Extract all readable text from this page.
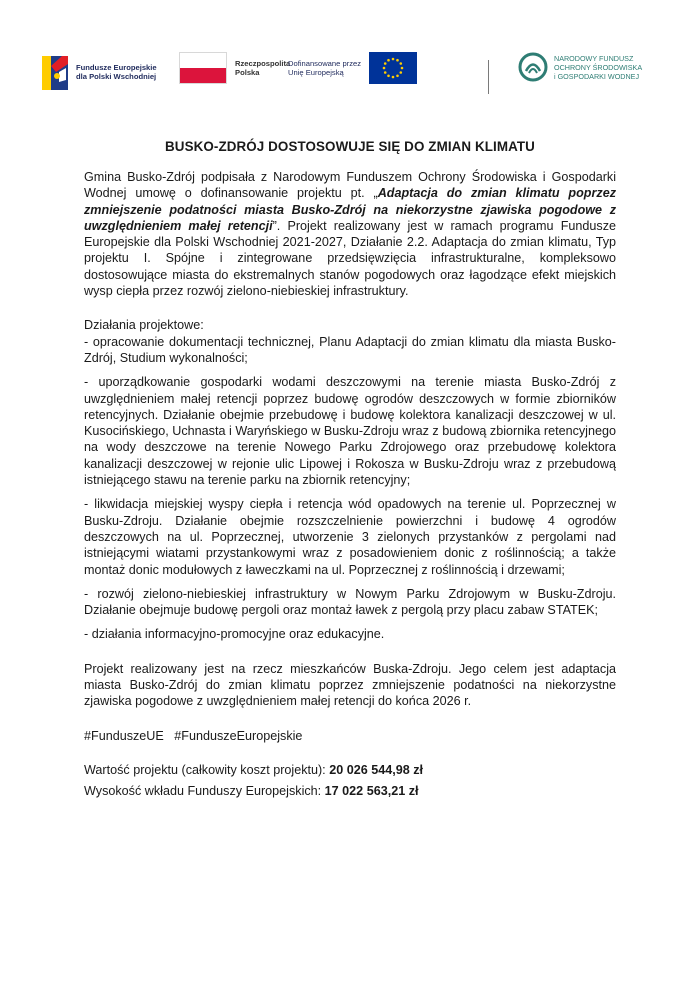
Fundusze Europejskie
dla Polski Wschodniej
Rzeczpospolita
Polska
Dofinansowane przez
Unię Europejską
NARODOWY FUNDUSZ
OCHRONY ŚRODOWISKA
i GOSPODARKI WODNEJ
BUSKO-ZDRÓJ DOSTOSOWUJE SIĘ DO ZMIAN KLIMATU

Gmina Busko-Zdrój podpisała z Narodowym Funduszem Ochrony Środowiska i Gospodarki Wodnej umowę o dofinansowanie projektu pt. „Adaptacja do zmian klimatu poprzez zmniejszenie podatności miasta Busko-Zdrój na niekorzystne zjawiska pogodowe z uwzględnieniem małej retencji”. Projekt realizowany jest w ramach programu Fundusze Europejskie dla Polski Wschodniej 2021-2027, Działanie 2.2. Adaptacja do zmian klimatu, Typ projektu I. Spójne i zintegrowane przedsięwzięcia infrastrukturalne, kompleksowo dostosowujące miasta do ekstremalnych stanów pogodowych oraz łagodzące efekt miejskich wysp ciepła przez rozwój zielono-niebieskiej infrastruktury.

Działania projektowe:

- opracowanie dokumentacji technicznej, Planu Adaptacji do zmian klimatu dla miasta Busko-Zdrój, Studium wykonalności;

- uporządkowanie gospodarki wodami deszczowymi na terenie miasta Busko-Zdrój z uwzględnieniem małej retencji poprzez budowę ogrodów deszczowych w formie zbiorników retencyjnych. Działanie obejmie przebudowę i budowę kolektora kanalizacji deszczowej w ul. Kusocińskiego, Uchnasta i Waryńskiego w Busku-Zdroju wraz z budową zbiornika retencyjnego na wody deszczowe na terenie Nowego Parku Zdrojowego oraz przebudowę kolektora kanalizacji deszczowej w rejonie ulic Lipowej i Rokosza w Busku-Zdroju wraz z przebudową istniejącego stawu na terenie parku na zbiornik retencyjny;

- likwidacja miejskiej wyspy ciepła i retencja wód opadowych na terenie ul. Poprzecznej w Busku-Zdroju. Działanie obejmie rozszczelnienie powierzchni i budowę 4 ogrodów deszczowych na ul. Poprzecznej, utworzenie 3 zielonych przystanków z pergolami nad istniejącymi wiatami przystankowymi wraz z posadowieniem donic z roślinnością; a także montaż donic modułowych z ławeczkami na ul. Poprzecznej z roślinnością i drzewami;

- rozwój zielono-niebieskiej infrastruktury w Nowym Parku Zdrojowym w Busku-Zdroju. Działanie obejmuje budowę pergoli oraz montaż ławek z pergolą przy placu zabaw STATEK;

- działania informacyjno-promocyjne oraz edukacyjne.

Projekt realizowany jest na rzecz mieszkańców Buska-Zdroju. Jego celem jest adaptacja miasta Busko-Zdrój do zmian klimatu poprzez zmniejszenie podatności na niekorzystne zjawiska pogodowe z uwzględnieniem małej retencji do końca 2026 r.

#FunduszeUE   #FunduszeEuropejskie

Wartość projektu (całkowity koszt projektu): 20 026 544,98 zł

Wysokość wkładu Funduszy Europejskich: 17 022 563,21 zł
